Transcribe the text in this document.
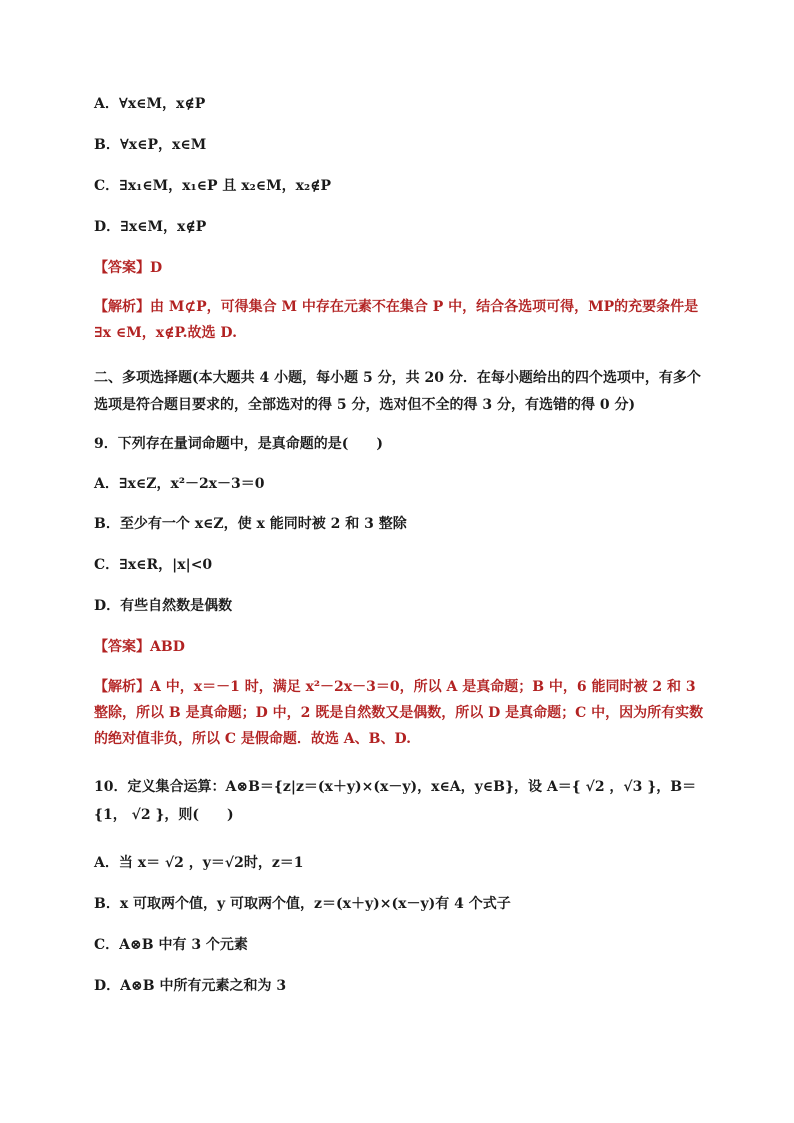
A．∀x∈M，x∉P
B．∀x∈P，x∈M
C．∃x₁∈M，x₁∈P 且 x₂∈M，x₂∉P
D．∃x∈M，x∉P
【答案】D
【解析】由 M⊄P，可得集合 M 中存在元素不在集合 P 中，结合各选项可得，MP的充要条件是 ∃x ∈M，x∉P.故选 D.
二、多项选择题(本大题共 4 小题，每小题 5 分，共 20 分．在每小题给出的四个选项中，有多个选项是符合题目要求的，全部选对的得 5 分，选对但不全的得 3 分，有选错的得 0 分)
9．下列存在量词命题中，是真命题的是(　　)
A．∃x∈Z，x²－2x－3＝0
B．至少有一个 x∈Z，使 x 能同时被 2 和 3 整除
C．∃x∈R，|x|<0
D．有些自然数是偶数
【答案】ABD
【解析】A 中，x＝－1 时，满足 x²－2x－3＝0，所以 A 是真命题；B 中，6 能同时被 2 和 3 整除，所以 B 是真命题；D 中，2 既是自然数又是偶数，所以 D 是真命题；C 中，因为所有实数的绝对值非负，所以 C 是假命题．故选 A、B、D.
10．定义集合运算：A⊗B＝{z|z＝(x＋y)×(x－y)，x∈A，y∈B}，设 A＝{ √2 ，√3 }，B＝{1， √2 }，则(　　)
A．当 x＝ √2 ，y＝√2时，z＝1
B．x 可取两个值，y 可取两个值，z＝(x＋y)×(x－y)有 4 个式子
C．A⊗B 中有 3 个元素
D．A⊗B 中所有元素之和为 3
